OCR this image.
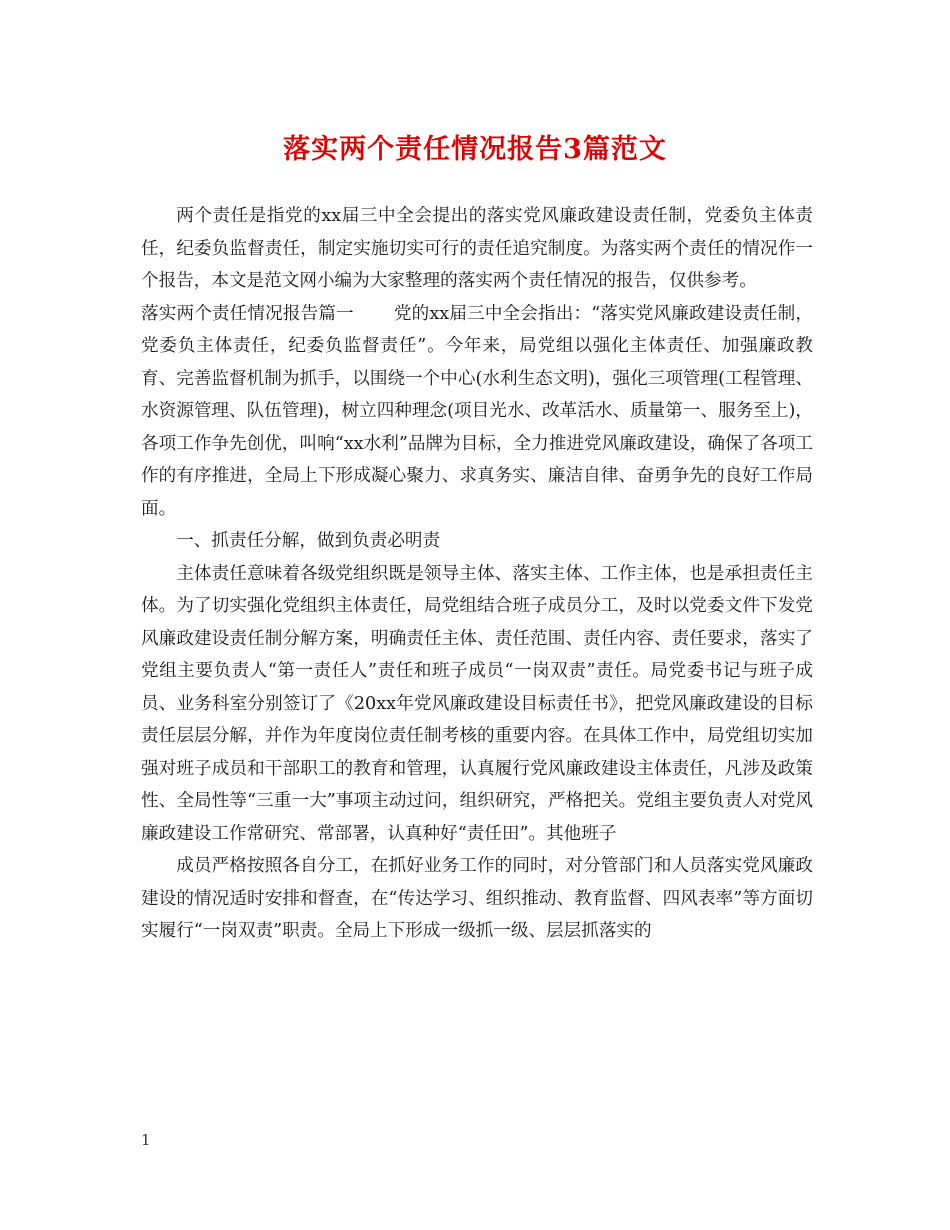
落实两个责任情况报告3篇范文

两个责任是指党的xx届三中全会提出的落实党风廉政建设责任制，党委负主体责任，纪委负监督责任，制定实施切实可行的责任追究制度。为落实两个责任的情况作一个报告，本文是范文网小编为大家整理的落实两个责任情况的报告，仅供参考。

落实两个责任情况报告篇一 党的xx届三中全会指出：“落实党风廉政建设责任制，党委负主体责任，纪委负监督责任”。今年来，局党组以强化主体责任、加强廉政教育、完善监督机制为抓手，以围绕一个中心(水利生态文明)，强化三项管理(工程管理、水资源管理、队伍管理)，树立四种理念(项目光水、改革活水、质量第一、服务至上)，各项工作争先创优，叫响“xx水利”品牌为目标，全力推进党风廉政建设，确保了各项工作的有序推进，全局上下形成凝心聚力、求真务实、廉洁自律、奋勇争先的良好工作局面。

一、抓责任分解，做到负责必明责

主体责任意味着各级党组织既是领导主体、落实主体、工作主体，也是承担责任主体。为了切实强化党组织主体责任，局党组结合班子成员分工，及时以党委文件下发党风廉政建设责任制分解方案，明确责任主体、责任范围、责任内容、责任要求，落实了党组主要负责人“第一责任人”责任和班子成员“一岗双责”责任。局党委书记与班子成员、业务科室分别签订了《20xx年党风廉政建设目标责任书》，把党风廉政建设的目标责任层层分解，并作为年度岗位责任制考核的重要内容。在具体工作中，局党组切实加强对班子成员和干部职工的教育和管理，认真履行党风廉政建设主体责任，凡涉及政策性、全局性等“三重一大”事项主动过问，组织研究，严格把关。党组主要负责人对党风廉政建设工作常研究、常部署，认真种好“责任田”。其他班子

成员严格按照各自分工，在抓好业务工作的同时，对分管部门和人员落实党风廉政建设的情况适时安排和督查，在“传达学习、组织推动、教育监督、四风表率”等方面切实履行“一岗双责”职责。全局上下形成一级抓一级、层层抓落实的

1
